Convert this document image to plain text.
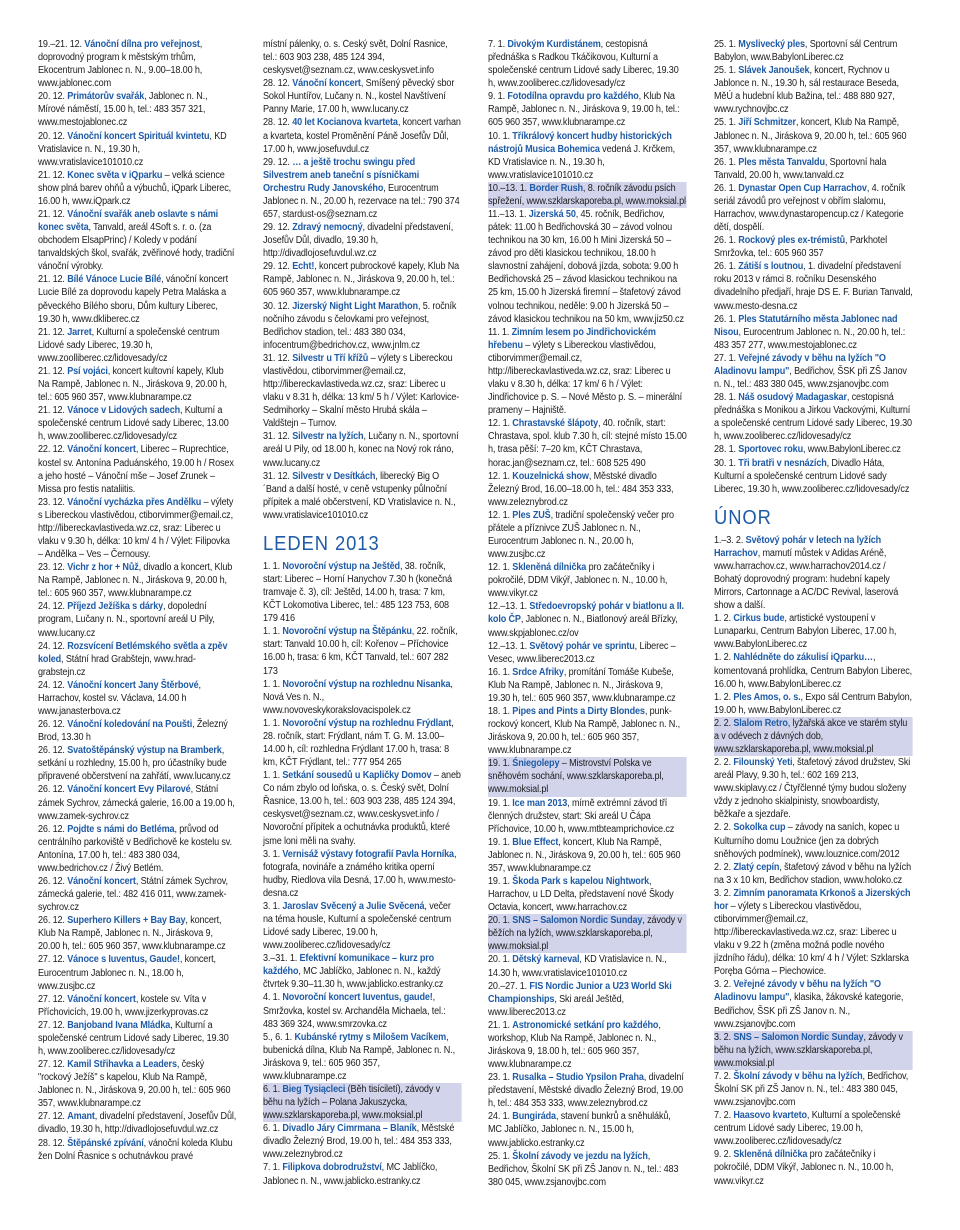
19.–21. 12. Vánoční dílna pro veřejnost, doprovodný program k městským trhům, Ekocentrum Jablonec n. N., 9.00–18.00 h, www.jablonec.com

20. 12. Primátorův svařák, Jablonec n. N., Mírové náměstí, 15.00 h, tel.: 483 357 321, www.mestojablonec.cz

20. 12. Vánoční koncert Spirituál kvintetu, KD Vratislavice n. N., 19.30 h, www.vratislavice101010.cz

21. 12. Konec světa v iQparku – velká science show plná barev ohňů a výbuchů, iQpark Liberec, 16.00 h, www.iQpark.cz

21. 12. Vánoční svařák aneb oslavte s námi konec světa, Tanvald, areál 4Soft s. r. o. (za obchodem ElsapPrinc) / Koledy v podání tanvaldských škol, svařák, zvěřinové hody, tradiční vánoční výrobky.

21. 12. Bílé Vánoce Lucie Bílé, vánoční koncert Lucie Bílé za doprovodu kapely Petra Maláska a pěveckého Bílého sboru, Dům kultury Liberec, 19.30 h, www.dkliberec.cz

21. 12. Jarret, Kulturní a společenské centrum Lidové sady Liberec, 19.30 h, www.zoolliberec.cz/lidovesady/cz

21. 12. Psí vojáci, koncert kultovní kapely, Klub Na Rampě, Jablonec n. N., Jiráskova 9, 20.00 h, tel.: 605 960 357, www.klubnarampe.cz

21. 12. Vánoce v Lidových sadech, Kulturní a společenské centrum Lidové sady Liberec, 13.00 h, www.zoolliberec.cz/lidovesady/cz

22. 12. Vánoční koncert, Liberec – Ruprechtice, kostel sv. Antonína Paduánského, 19.00 h / Rosex a jeho hosté – Vánoční mše – Josef Zrunek – Missa pro festis nataliitis.

23. 12. Vánoční vycházka přes Andělku – výlety s Libereckou vlastivědou, ctiborvimmer@email.cz, http://libereckavlastiveda.wz.cz, sraz: Liberec u vlaku v 9.30 h, délka: 10 km/ 4 h / Výlet: Filipovka – Andělka – Ves – Černousy.

23. 12. Vichr z hor + Nůž, divadlo a koncert, Klub Na Rampě, Jablonec n. N., Jiráskova 9, 20.00 h, tel.: 605 960 357, www.klubnarampe.cz

24. 12. Příjezd Ježíška s dárky, dopolední program, Lučany n. N., sportovní areál U Pily, www.lucany.cz

24. 12. Rozsvícení Betlémského světla a zpěv koled, Státní hrad Grabštejn, www.hrad-grabstejn.cz

24. 12. Vánoční koncert Jany Štěrbové, Harrachov, kostel sv. Václava, 14.00 h www.janasterbova.cz

26. 12. Vánoční koledování na Poušti, Železný Brod, 13.30 h

26. 12. Svatoštěpánský výstup na Bramberk, setkání u rozhledny, 15.00 h, pro účastníky bude připravené občerstvení na zahřátí, www.lucany.cz

26. 12. Vánoční koncert Evy Pilarové, Státní zámek Sychrov, zámecká galerie, 16.00 a 19.00 h, www.zamek-sychrov.cz

26. 12. Pojdte s námi do Betléma, průvod od centrálního parkoviště v Bedřichově ke kostelu sv. Antonína, 17.00 h, tel.: 483 380 034, www.bedrichov.cz / Živý Betlém.

26. 12. Vánoční koncert, Státní zámek Sychrov, zámecká galerie, tel.: 482 416 011, www.zamek-sychrov.cz

26. 12. Superhero Killers + Bay Bay, koncert, Klub Na Rampě, Jablonec n. N., Jiráskova 9, 20.00 h, tel.: 605 960 357, www.klubnarampe.cz

27. 12. Vánoce s Iuventus, Gaude!, koncert, Eurocentrum Jablonec n. N., 18.00 h, www.zusjbc.cz

27. 12. Vánoční koncert, kostele sv. Víta v Příchovicích, 19.00 h, www.jizerkyprovas.cz

27. 12. Banjoband Ivana Mládka, Kulturní a společenské centrum Lidové sady Liberec, 19.30 h, www.zooliberec.cz/lidovesady/cz

27. 12. Kamil Střihavka a Leaders, český "rockový Ježíš" s kapelou, Klub Na Rampě, Jablonec n. N., Jiráskova 9, 20.00 h, tel.: 605 960 357, www.klubnarampe.cz

27. 12. Amant, divadelní představení, Josefův Důl, divadlo, 19.30 h, http://divadlojosefuvdul.wz.cz

28. 12. Štěpánské zpívání, vánoční koleda Klubu žen Dolní Řasnice s ochutnávkou pravé

místní pálenky, o. s. Český svět, Dolní Řasnice, tel.: 603 903 238, 485 124 394, ceskysvet@seznam.cz, www.ceskysvet.info

28. 12. Vánoční koncert, Smíšený pěvecký sbor Sokol Huntířov, Lučany n. N., kostel Navštívení Panny Marie, 17.00 h, www.lucany.cz

28. 12. 40 let Kocianova kvarteta, koncert varhan a kvarteta, kostel Proměnění Páně Josefův Důl, 17.00 h, www.josefuvdul.cz

29. 12. … a ještě trochu swingu před Silvestrem aneb taneční s písničkami Orchestru Rudy Janovského, Eurocentrum Jablonec n. N., 20.00 h, rezervace na tel.: 790 374 657, stardust-os@seznam.cz

29. 12. Zdravý nemocný, divadelní představení, Josefův Důl, divadlo, 19.30 h, http://divadlojosefuvdul.wz.cz

29. 12. Echt!, koncert pubrockové kapely, Klub Na Rampě, Jablonec n. N., Jiráskova 9, 20.00 h, tel.: 605 960 357, www.klubnarampe.cz

30. 12. Jizerský Night Light Marathon, 5. ročník nočního závodu s čelovkami pro veřejnost, Bedřichov stadion, tel.: 483 380 034, infocentrum@bedrichov.cz, www.jnlm.cz

31. 12. Silvestr u Tří křížů – výlety s Libereckou vlastivědou, ctiborvimmer@email.cz, http://libereckavlastiveda.wz.cz, sraz: Liberec u vlaku v 8.31 h, délka: 13 km/ 5 h / Výlet: Karlovice- Sedmihorky – Skalní město Hrubá skála – Valdštejn – Turnov.

31. 12. Silvestr na lyžích, Lučany n. N., sportovní areál U Pily, od 18.00 h, konec na Nový rok ráno, www.lucany.cz

31. 12. Silvestr v Desítkách, liberecký Big O´Band a další hosté, v ceně vstupenky půlnoční přípitek a malé občerstvení, KD Vratislavice n. N., www.vratislavice101010.cz

LEDEN 2013

1. 1. Novoroční výstup na Ještěd, 38. ročník, start: Liberec – Horní Hanychov 7.30 h (konečná tramvaje č. 3), cíl: Ještěd, 14.00 h, trasa: 7 km, KČT Lokomotiva Liberec, tel.: 485 123 753, 608 179 416

1. 1. Novoroční výstup na Štěpánku, 22. ročník, start: Tanvald 10.00 h, cíl: Kořenov – Příchovice 16.00 h, trasa: 6 km, KČT Tanvald, tel.: 607 282 173

1. 1. Novoroční výstup na rozhlednu Nisanka, Nová Ves n. N., www.novoveskykorakslovacispolek.cz

1. 1. Novoroční výstup na rozhlednu Frýdlant, 28. ročník, start: Frýdlant, nám T. G. M. 13.00–14.00 h, cíl: rozhledna Frýdlant 17.00 h, trasa: 8 km, KČT Frýdlant, tel.: 777 954 265

1. 1. Setkání sousedů u Kapličky Domov – aneb Co nám zbylo od loňska, o. s. Český svět, Dolní Řasnice, 13.00 h, tel.: 603 903 238, 485 124 394, ceskysvet@seznam.cz, www.ceskysvet.info / Novoroční přípitek a ochutnávka produktů, které jsme loni měli na svahy.

3. 1. Vernisáž výstavy fotografií Pavla Horníka, fotografa, novináře a známého kritika operní hudby, Riedlova vila Desná, 17.00 h, www.mesto-desna.cz

3. 1. Jaroslav Svěcený a Julie Svěcená, večer na téma housle, Kulturní a společenské centrum Lidové sady Liberec, 19.00 h, www.zooliberec.cz/lidovesady/cz

3.–31. 1. Efektivní komunikace – kurz pro každého, MC Jablíčko, Jablonec n. N., každý čtvrtek 9.30–11.30 h, www.jablicko.estranky.cz

4. 1. Novoroční koncert Iuventus, gaude!, Smržovka, kostel sv. Archanděla Michaela, tel.: 483 369 324, www.smrzovka.cz

5., 6. 1. Kubánské rytmy s Milošem Vacíkem, bubenická dílna, Klub Na Rampě, Jablonec n. N., Jiráskova 9, tel.: 605 960 357, www.klubnarampe.cz

6. 1. Bieg Tysiącleci (Běh tisíciletí), závody v běhu na lyžích – Polana Jakuszycka, www.szklarskaporeba.pl, www.moksial.pl

6. 1. Divadlo Járy Cimrmana – Blaník, Městské divadlo Železný Brod, 19.00 h, tel.: 484 353 333, www.zeleznybrod.cz

7. 1. Filipkova dobrodružství, MC Jablíčko, Jablonec n. N., www.jablicko.estranky.cz

7. 1. Divokým Kurdistánem, cestopisná přednáška s Radkou Tkáčikovou, Kulturní a společenské centrum Lidové sady Liberec, 19.30 h, www.zooliberec.cz/lidovesady/cz

9. 1. Fotodílna opravdu pro každého, Klub Na Rampě, Jablonec n. N., Jiráskova 9, 19.00 h, tel.: 605 960 357, www.klubnarampe.cz

10. 1. Tříkrálový koncert hudby historických nástrojů Musica Bohemica vedená J. Krčkem, KD Vratislavice n. N., 19.30 h, www.vratislavice101010.cz

10.–13. 1. Border Rush, 8. ročník závodu psích spřežení, www.szklarskaporeba.pl, www.moksial.pl

11.–13. 1. Jizerská 50, 45. ročník, Bedřichov, pátek: 11.00 h Bedřichovská 30 – závod volnou technikou na 30 km, 16.00 h Mini Jizerská 50 – závod pro děti klasickou technikou, 18.00 h slavnostní zahájení, dobová jízda, sobota: 9.00 h Bedřichovská 25 – závod klasickou technikou na 25 km, 15.00 h Jizerská firemní – štafetový závod volnou technikou, neděle: 9.00 h Jizerská 50 – závod klasickou technikou na 50 km, www.jiz50.cz

11. 1. Zimním lesem po Jindřichovickém hřebenu – výlety s Libereckou vlastivědou, ctiborvimmer@email.cz, http://libereckavlastiveda.wz.cz, sraz: Liberec u vlaku v 8.30 h, délka: 17 km/ 6 h / Výlet: Jindřichovice p. S. – Nové Město p. S. – minerální prameny – Hajniště.

12. 1. Chrastavské šlápoty, 40. ročník, start: Chrastava, spol. klub 7.30 h, cíl: stejné místo 15.00 h, trasa pěší: 7–20 km, KČT Chrastava, horac.jan@seznam.cz, tel.: 608 525 490

12. 1. Kouzelnická show, Městské divadlo Železný Brod, 16.00–18.00 h, tel.: 484 353 333, www.zeleznybrod.cz

12. 1. Ples ZUŠ, tradiční společenský večer pro přátele a příznivce ZUŠ Jablonec n. N., Eurocentrum Jablonec n. N., 20.00 h, www.zusjbc.cz

12. 1. Skleněná dílnička pro začátečníky i pokročilé, DDM Vikýř, Jablonec n. N., 10.00 h, www.vikyr.cz

12.–13. 1. Středoevropský pohár v biatlonu a II. kolo ČP, Jablonec n. N., Biatlonový areál Břízky, www.skpjablonec.cz/ov

12.–13. 1. Světový pohár ve sprintu, Liberec – Vesec, www.liberec2013.cz

16. 1. Srdce Afriky, promítání Tomáše Kubeše, Klub Na Rampě, Jablonec n. N., Jiráskova 9, 19.30 h, tel.: 605 960 357, www.klubnarampe.cz

18. 1. Pipes and Pints a Dirty Blondes, punk-rockový koncert, Klub Na Rampě, Jablonec n. N., Jiráskova 9, 20.00 h, tel.: 605 960 357, www.klubnarampe.cz

19. 1. Śniegolepy – Mistrovství Polska ve sněhovém sochání, www.szklarskaporeba.pl, www.moksial.pl

19. 1. Ice man 2013, mírně extrémní závod tří členných družstev, start: Ski areál U Čápa Příchovice, 10.00 h, www.mtbteamprichovice.cz

19. 1. Blue Effect, koncert, Klub Na Rampě, Jablonec n. N., Jiráskova 9, 20.00 h, tel.: 605 960 357, www.klubnarampe.cz

19. 1. Škoda Park s kapelou Nightwork, Harrachov, u LD Delta, představení nové Škody Octavia, koncert, www.harrachov.cz

20. 1. SNS – Salomon Nordic Sunday, závody v běžích na lyžích, www.szklarskaporeba.pl, www.moksial.pl

20. 1. Dětský karneval, KD Vratislavice n. N., 14.30 h, www.vratislavice101010.cz

20.–27. 1. FIS Nordic Junior a U23 World Ski Championships, Ski areál Ještěd, www.liberec2013.cz

21. 1. Astronomické setkání pro každého, workshop, Klub Na Rampě, Jablonec n. N., Jiráskova 9, 18.00 h, tel.: 605 960 357, www.klubnarampe.cz

23. 1. Rusalka – Studio Ypsilon Praha, divadelní představení, Městské divadlo Železný Brod, 19.00 h, tel.: 484 353 333, www.zeleznybrod.cz

24. 1. Bungiráda, stavení bunkrů a sněhuláků, MC Jablíčko, Jablonec n. N., 15.00 h, www.jablicko.estranky.cz

25. 1. Školní závody ve jezdu na lyžích, Bedřichov, Školní SK při ZŠ Janov n. N., tel.: 483 380 045, www.zsjanovjbc.com

25. 1. Myslivecký ples, Sportovní sál Centrum Babylon, www.BabylonLiberec.cz

25. 1. Slávek Janoušek, koncert, Rychnov u Jablonce n. N., 19.30 h, sál restaurace Beseda, MěÚ a hudební klub Bažina, tel.: 488 880 927, www.rychnovjbc.cz

25. 1. Jiří Schmitzer, koncert, Klub Na Rampě, Jablonec n. N., Jiráskova 9, 20.00 h, tel.: 605 960 357, www.klubnarampe.cz

26. 1. Ples města Tanvaldu, Sportovní hala Tanvald, 20.00 h, www.tanvald.cz

26. 1. Dynastar Open Cup Harrachov, 4. ročník seriál závodů pro veřejnost v obřím slalomu, Harrachov, www.dynastaropencup.cz / Kategorie dětí, dospělí.

26. 1. Rockový ples ex-trémistů, Parkhotel Smržovka, tel.: 605 960 357

26. 1. Zátiší s loutnou, 1. divadelní představení roku 2013 v rámci 8. ročníku Desenského divadelního předjaří, hraje DS E. F. Burian Tanvald, www.mesto-desna.cz

26. 1. Ples Statutárního města Jablonec nad Nisou, Eurocentrum Jablonec n. N., 20.00 h, tel.: 483 357 277, www.mestojablonec.cz

27. 1. Veřejné závody v běhu na lyžích "O Aladinovu lampu", Bedřichov, ŠSK při ZŠ Janov n. N., tel.: 483 380 045, www.zsjanovjbc.com

28. 1. Náš osudový Madagaskar, cestopisná přednáška s Monikou a Jirkou Vackovými, Kulturní a společenské centrum Lidové sady Liberec, 19.30 h, www.zooliberec.cz/lidovesady/cz

28. 1. Sportovec roku, www.BabylonLiberec.cz

30. 1. Tři bratři v nesnázích, Divadlo Háta, Kulturní a společenské centrum Lidové sady Liberec, 19.30 h, www.zooliberec.cz/lidovesady/cz

ÚNOR

1.–3. 2. Světový pohár v letech na lyžích Harrachov, mamutí můstek v Adidas Aréně, www.harrachov.cz, www.harrachov2014.cz / Bohatý doprovodný program: hudební kapely Mirrors, Cartonnage a AC/DC Revival, laserová show a další.

1. 2. Cirkus bude, artistické vystoupení v Lunaparku, Centrum Babylon Liberec, 17.00 h, www.BabylonLiberec.cz

1. 2. Nahlédněte do zákulisí iQparku…, komentovaná prohlídka, Centrum Babylon Liberec, 16.00 h, www.BabylonLiberec.cz

1. 2. Ples Amos, o. s., Expo sál Centrum Babylon, 19.00 h, www.BabylonLiberec.cz

2. 2. Slalom Retro, lyžařská akce ve starém stylu a v odévech z dávných dob, www.szklarskaporeba.pl, www.moksial.pl

2. 2. Filounský Yeti, štafetový závod družstev, Ski areál Plavy, 9.30 h, tel.: 602 169 213, www.skiplavy.cz / Čtyřčlenné týmy budou složeny vždy z jednoho skialpinisty, snowboardisty, běžkaře a sjezdaře.

2. 2. Sokolka cup – závody na saních, kopec u Kulturního domu Loužnice (jen za dobrých sněhových podmínek), www.louznice.com/2012

2. 2. Zlatý cepín, štafetový závod v běhu na lyžích na 3 x 10 km, Bedřichov stadion, www.holoko.cz

3. 2. Zimním panoramata Krkonoš a Jizerských hor – výlety s Libereckou vlastivědou, ctiborvimmer@email.cz, http://libereckavlastiveda.wz.cz, sraz: Liberec u vlaku v 9.22 h (změna možná podle nového jízdního řádu), délka: 10 km/ 4 h / Výlet: Szklarska Poręba Górna – Piechowice.

3. 2. Veřejné závody v běhu na lyžích "O Aladinovu lampu", klasika, žákovské kategorie, Bedřichov, ŠSK při ZŠ Janov n. N., www.zsjanovjbc.com

3. 2. SNS – Salomon Nordic Sunday, závody v běhu na lyžích, www.szklarskaporeba.pl, www.moksial.pl

7. 2. Školní závody v běhu na lyžích, Bedřichov, Školní SK při ZŠ Janov n. N., tel.: 483 380 045, www.zsjanovjbc.com

7. 2. Haasovo kvarteto, Kulturní a společenské centrum Lidové sady Liberec, 19.00 h, www.zooliberec.cz/lidovesady/cz

9. 2. Skleněná dílnička pro začátečníky i pokročilé, DDM Vikýř, Jablonec n. N., 10.00 h, www.vikyr.cz
